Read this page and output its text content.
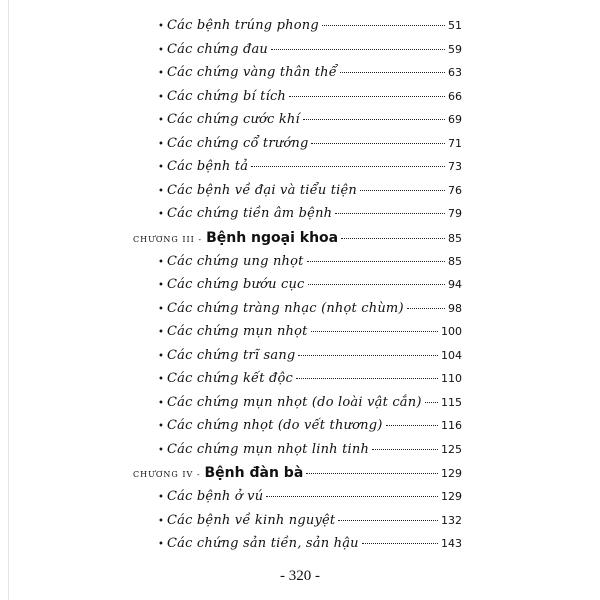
• Các bệnh trúng phong	51
• Các chứng đau	59
• Các chứng vàng thân thể	63
• Các chứng bí tích	66
• Các chứng cước khí	69
• Các chứng cổ trướng	71
• Các bệnh tả	73
• Các bệnh về đại và tiểu tiện	76
• Các chứng tiền âm bệnh	79
CHƯƠNG III - Bệnh ngoại khoa	85
• Các chứng ung nhọt	85
• Các chứng bướu cục	94
• Các chứng tràng nhạc (nhọt chùm)	98
• Các chứng mụn nhọt	100
• Các chứng trĩ sang	104
• Các chứng kết độc	110
• Các chứng mụn nhọt (do loài vật cắn) 115
• Các chứng nhọt (do vết thương)	116
• Các chứng mụn nhọt linh tinh	125
CHƯƠNG IV - Bệnh đàn bà	129
• Các bệnh ở vú	129
• Các bệnh về kinh nguyệt	132
• Các chứng sản tiền, sản hậu	143
- 320 -
